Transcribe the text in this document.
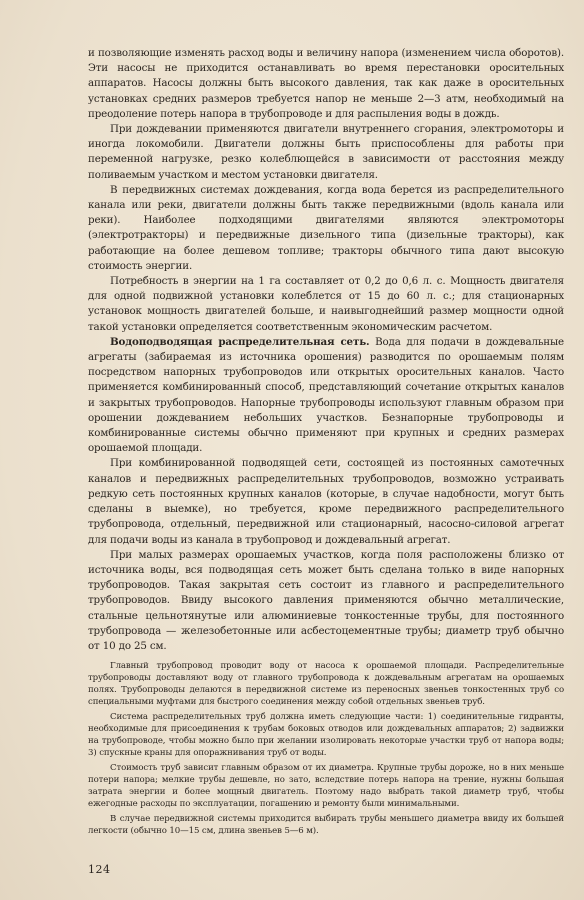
и позволяющие изменять расход воды и величину напора (изменением числа оборотов). Эти насосы не приходится останавливать во время перестановки оросительных аппаратов. Насосы должны быть высокого давления, так как даже в оросительных установках средних размеров требуется напор не меньше 2—3 атм, необходимый на преодоление потерь напора в трубопроводе и для распыления воды в дождь.

При дождевании применяются двигатели внутреннего сгорания, электромоторы и иногда локомобили. Двигатели должны быть приспособлены для работы при переменной нагрузке, резко колеблющейся в зависимости от расстояния между поливаемым участком и местом установки двигателя.

В передвижных системах дождевания, когда вода берется из распределительного канала или реки, двигатели должны быть также передвижными (вдоль канала или реки). Наиболее подходящими двигателями являются электромоторы (электротракторы) и передвижные дизельного типа (дизельные тракторы), как работающие на более дешевом топливе; тракторы обычного типа дают высокую стоимость энергии.

Потребность в энергии на 1 га составляет от 0,2 до 0,6 л. с. Мощность двигателя для одной подвижной установки колеблется от 15 до 60 л. с.; для стационарных установок мощность двигателей больше, и наивыгоднейший размер мощности одной такой установки определяется соответственным экономическим расчетом.

Водоподводящая распределительная сеть. Вода для подачи в дождевальные агрегаты (забираемая из источника орошения) разводится по орошаемым полям посредством напорных трубопроводов или открытых оросительных каналов. Часто применяется комбинированный способ, представляющий сочетание открытых каналов и закрытых трубопроводов. Напорные трубопроводы используют главным образом при орошении дождеванием небольших участков. Безнапорные трубопроводы и комбинированные системы обычно применяют при крупных и средних размерах орошаемой площади.

При комбинированной подводящей сети, состоящей из постоянных самотечных каналов и передвижных распределительных трубопроводов, возможно устраивать редкую сеть постоянных крупных каналов (которые, в случае надобности, могут быть сделаны в выемке), но требуется, кроме передвижного распределительного трубопровода, отдельный, передвижной или стационарный, насосно-силовой агрегат для подачи воды из канала в трубопровод и дождевальный агрегат.

При малых размерах орошаемых участков, когда поля расположены близко от источника воды, вся подводящая сеть может быть сделана только в виде напорных трубопроводов. Такая закрытая сеть состоит из главного и распределительного трубопроводов. Ввиду высокого давления применяются обычно металлические, стальные цельнотянутые или алюминиевые тонкостенные трубы, для постоянного трубопровода — железобетонные или асбестоцементные трубы; диаметр труб обычно от 10 до 25 см.

Главный трубопровод проводит воду от насоса к орошаемой площади. Распределительные трубопроводы доставляют воду от главного трубопровода к дождевальным агрегатам на орошаемых полях. Трубопроводы делаются в передвижной системе из переносных звеньев тонкостенных труб со специальными муфтами для быстрого соединения между собой отдельных звеньев труб.

Система распределительных труб должна иметь следующие части: 1) соединительные гидранты, необходимые для присоединения к трубам боковых отводов или дождевальных аппаратов; 2) задвижки на трубопроводе, чтобы можно было при желании изолировать некоторые участки труб от напора воды; 3) спускные краны для опоражнивания труб от воды.

Стоимость труб зависит главным образом от их диаметра. Крупные трубы дороже, но в них меньше потери напора; мелкие трубы дешевле, но зато, вследствие потерь напора на трение, нужны большая затрата энергии и более мощный двигатель. Поэтому надо выбрать такой диаметр труб, чтобы ежегодные расходы по эксплуатации, погашению и ремонту были минимальными.

В случае передвижной системы приходится выбирать трубы меньшего диаметра ввиду их большей легкости (обычно 10—15 см, длина звеньев 5—6 м).

124
